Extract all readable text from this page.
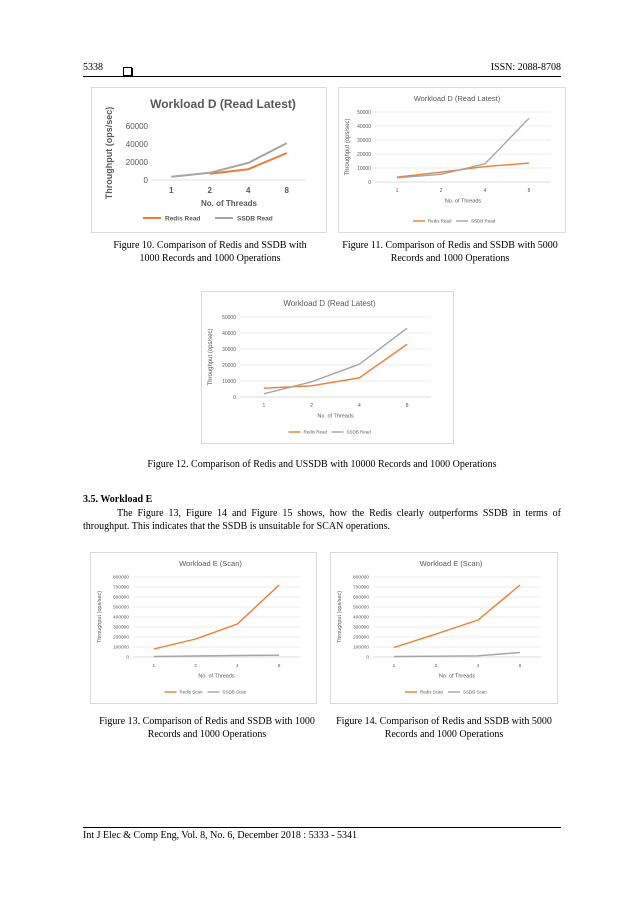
5338	ISSN: 2088-8708
Workload D (Read Latest)
0
20000
40000
60000
1	2	4	8
No. of Threads
Throughput (ops/sec)
Redis Read	SSDB Read
Workload D (Read Latest)
0
10000
20000
30000
40000
50000
1	2	4	8
No. of Threads
Throughput (ops/sec)
Redis Read	SSDB Read
Workload D (Read Latest)
0
10000
20000
30000
40000
50000
1	2	4	8
No. of Threads
Throughput (ops/sec)
Redis Read	SSDB Read
Workload E (Scan)
0
100000
200000
300000
400000
500000
600000
700000
800000
1	2	4	8
No. of Threads
Throughput (ops/sec)
Redis Scan	SSDB Scan
Workload E (Scan)
0
100000
200000
300000
400000
500000
600000
700000
800000
1	2	4	8
No. of Threads
Throughput (ops/sec)
Redis Scan	SSDB Scan
Figure 10. Comparison of Redis and SSDB with 1000 Records and 1000 Operations
Figure 11. Comparison of Redis and SSDB with 5000 Records and 1000 Operations
Figure 12. Comparison of Redis and USSDB with 10000 Records and 1000 Operations
Figure 13. Comparison of Redis and SSDB with 1000 Records and 1000 Operations
Figure 14. Comparison of Redis and SSDB with 5000 Records and 1000 Operations
3.5. Workload E
The Figure 13, Figure 14 and Figure 15 shows, how the Redis clearly outperforms SSDB in terms of throughput. This indicates that the SSDB is unsuitable for SCAN operations.
Int J Elec & Comp Eng, Vol. 8, No. 6, December 2018 : 5333 - 5341
